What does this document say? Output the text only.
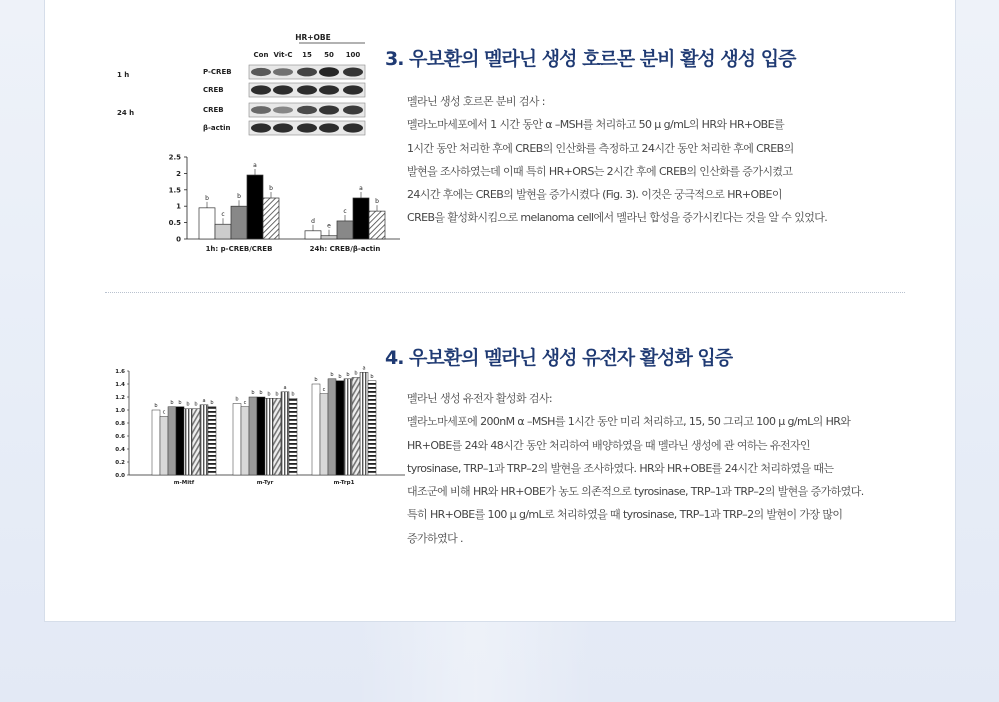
HR+OBE
Con Vit-C 15 50 100
1 h	P-CREB
CREB
24 h	CREB
β-actin
2.5
2
1.5
1
0.5
0
b
c
b
a
b
1h: p-CREB/CREB
d
e
c
a
b
24h: CREB/β-actin
3. 우보환의 멜라닌 생성 호르몬 분비 활성 생성 입증
멜라닌 생성 호르몬 분비 검사 :
멜라노마세포에서 1 시간 동안 α –MSH를 처리하고 50 μ g/mL의 HR와 HR+OBE를
1시간 동안 처리한 후에 CREB의 인산화를 측정하고 24시간 동안 처리한 후에 CREB의
발현을 조사하였는데 이때 특히 HR+ORS는 2시간 후에 CREB의 인산화를 증가시켰고
24시간 후에는 CREB의 발현을 증가시켰다 (Fig. 3). 이것은 궁극적으로 HR+OBE이
CREB을 활성화시킴으로 melanoma cell에서 멜라닌 합성을 증가시킨다는 것을 알 수 있었다.
1.6
1.4
1.2
1.0
0.8
0.6
0.4
0.2
0.0
b
c
b b b b
a b
m-Mitf
b
c
b b b b
a
b
m-Tyr
b
c
b b b b
a
b
m-Trp1
4. 우보환의 멜라닌 생성 유전자 활성화 입증
멜라닌 생성 유전자 활성화 검사:
멜라노마세포에 200nM α –MSH를 1시간 동안 미리 처리하고, 15, 50 그리고 100 μ g/mL의 HR와
HR+OBE를 24와 48시간 동안 처리하여 배양하였을 때 멜라닌 생성에 관 여하는 유전자인
tyrosinase, TRP–1과 TRP–2의 발현을 조사하였다. HR와 HR+OBE를 24시간 처리하였을 때는
대조군에 비해 HR와 HR+OBE가 농도 의존적으로 tyrosinase, TRP–1과 TRP–2의 발현을 증가하였다.
특히 HR+OBE를 100 μ g/mL로 처리하였을 때 tyrosinase, TRP–1과 TRP–2의 발현이 가장 많이
증가하였다 .
